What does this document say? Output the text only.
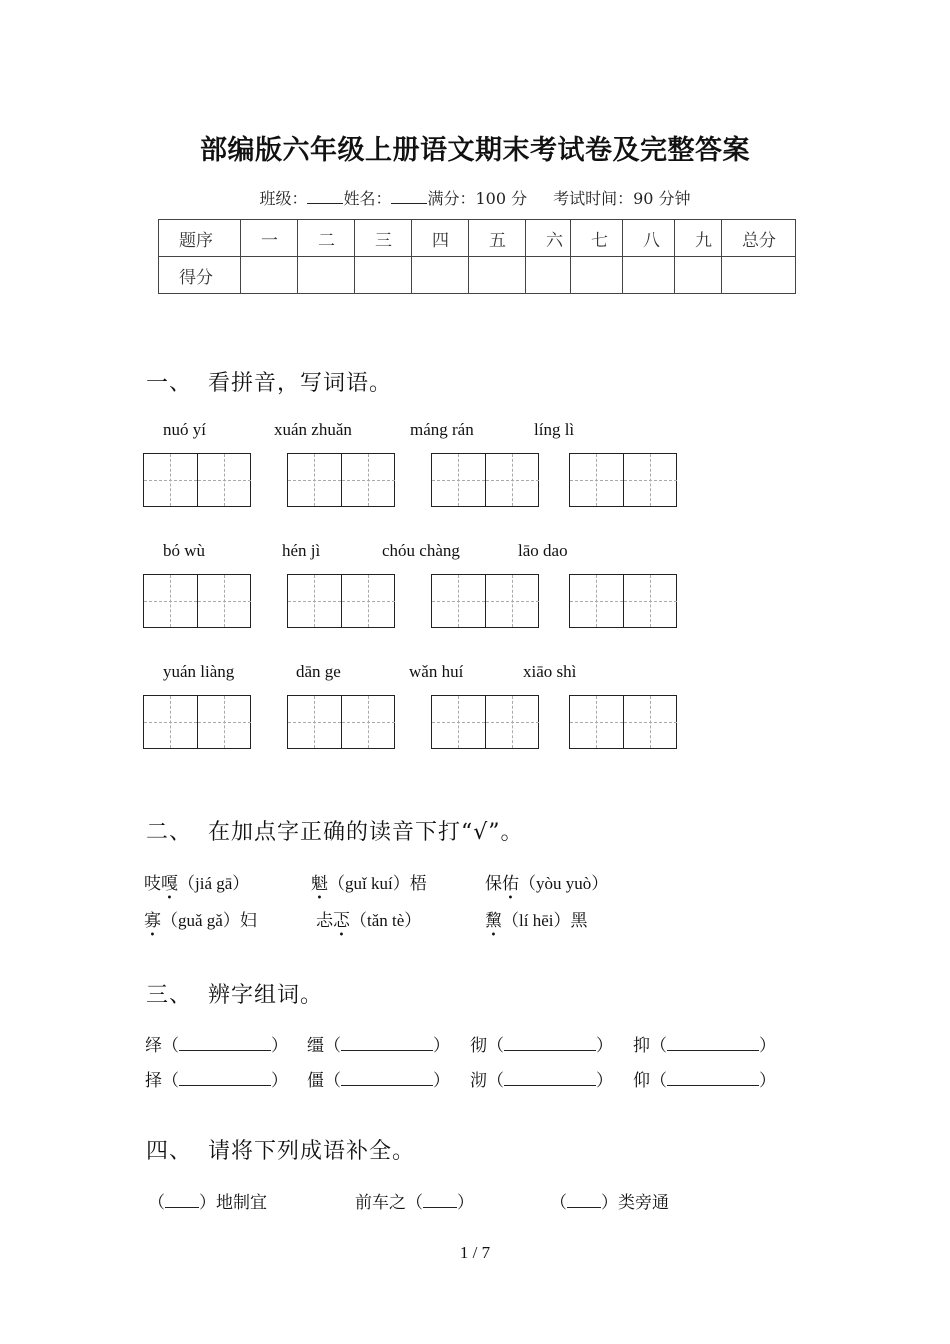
部编版六年级上册语文期末考试卷及完整答案
班级： 姓名： 满分：100 分 考试时间：90 分钟
题序	一	二	三	四	五	六	七	八	九	总分
得分										
一、 看拼音，写词语。
nuó yí	xuán zhuǎn	máng rán	líng lì
bó wù	hén jì	chóu chàng	lāo dao
yuán liàng	dān ge	wǎn huí	xiāo shì
二、 在加点字正确的读音下打“√”。
吱嘎（jiá gā）	魁（guǐ kuí）梧	保佑（yòu yuò）
寡（guǎ gǎ）妇	忐忑（tǎn tè）	黧（lí hēi）黑
三、 辨字组词。
绎（	） 缰（	） 彻（	） 抑（	）
择（	） 僵（	） 沏（	） 仰（	）
四、 请将下列成语补全。
（ ）地制宜	前车之（ ）	（ ）类旁通
1 / 7
